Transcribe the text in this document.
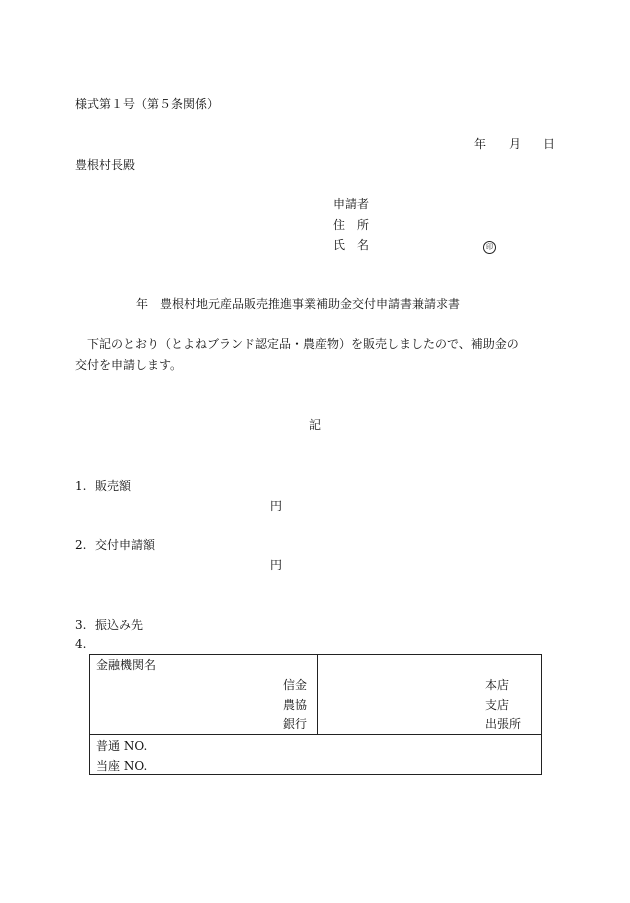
様式第１号（第５条関係）
年 月 日
豊根村長殿
申請者
住　所
氏　名	印
年　豊根村地元産品販売推進事業補助金交付申請書兼請求書
下記のとおり（とよねブランド認定品・農産物）を販売しましたので、補助金の
交付を申請します。
記
1. 販売額
円
2. 交付申請額
円
3. 振込み先
4.
金融機関名
信金
農協
銀行
本店
支店
出張所
普通 NO.
当座 NO.
